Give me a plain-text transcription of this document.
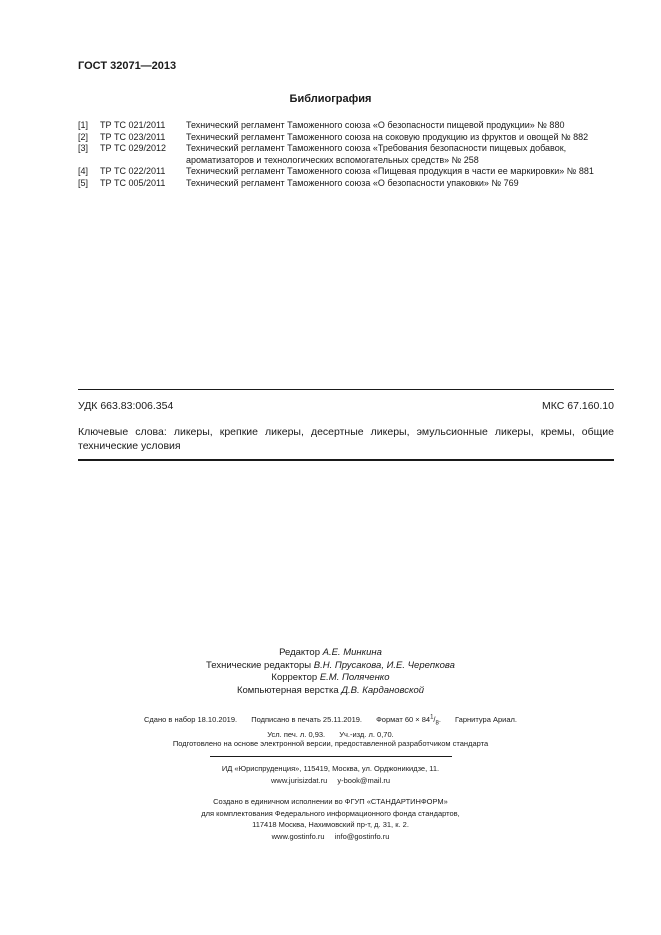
ГОСТ 32071—2013
Библиография
[1]	ТР ТС 021/2011	Технический регламент Таможенного союза «О безопасности пищевой продукции» № 880
[2]	ТР ТС 023/2011	Технический регламент Таможенного союза на соковую продукцию из фруктов и овощей № 882
[3]	ТР ТС 029/2012	Технический регламент Таможенного союза «Требования безопасности пищевых добавок, ароматизаторов и технологических вспомогательных средств» № 258
[4]	ТР ТС 022/2011	Технический регламент Таможенного союза «Пищевая продукция в части ее маркировки» № 881
[5]	ТР ТС 005/2011	Технический регламент Таможенного союза «О безопасности упаковки» № 769
УДК 663.83:006.354	МКС 67.160.10
Ключевые слова: ликеры, крепкие ликеры, десертные ликеры, эмульсионные ликеры, кремы, общие технические условия
Редактор А.Е. Минкина
Технические редакторы В.Н. Прусакова, И.Е. Черепкова
Корректор Е.М. Поляченко
Компьютерная верстка Д.В. Кардановской
Сдано в набор 18.10.2019. Подписано в печать 25.11.2019. Формат $60 \times 84^1/_8$. Гарнитура Ариал.
Усл. печ. л. 0,93. Уч.-изд. л. 0,70.
Подготовлено на основе электронной версии, предоставленной разработчиком стандарта
ИД «Юриспруденция», 115419, Москва, ул. Орджоникидзе, 11.
www.jurisizdat.ru y-book@mail.ru
Создано в единичном исполнении во ФГУП «СТАНДАРТИНФОРМ»
для комплектования Федерального информационного фонда стандартов,
117418 Москва, Нахимовский пр-т, д. 31, к. 2.
www.gostinfo.ru info@gostinfo.ru
